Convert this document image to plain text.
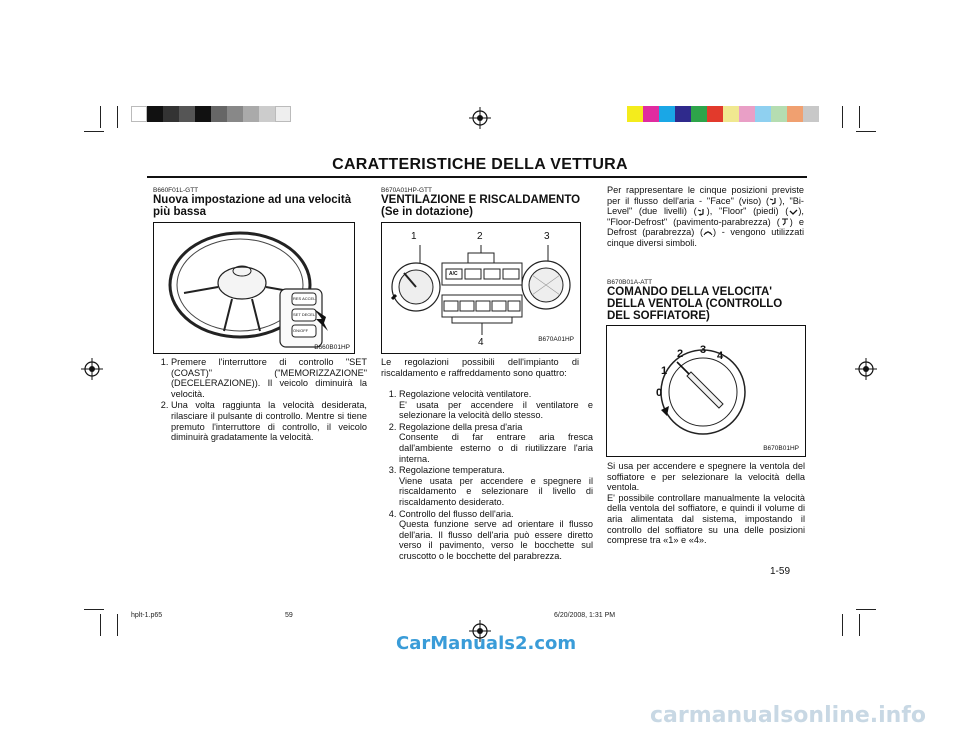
CARATTERISTICHE DELLA VETTURA
B660F01L-GTT
Nuova impostazione ad una velocità più bassa
RES ACCEL
SET DECEL
ON/OFF
B660B01HP
1. Premere l'interruttore di controllo "SET (COAST)" ("MEMORIZZAZIONE" (DECELERAZIONE)). Il veicolo diminuirà la velocità.
2. Una volta raggiunta la velocità desiderata, rilasciare il pulsante di controllo. Mentre si tiene premuto l'interruttore di controllo, il veicolo diminuirà gradatamente la velocità.
B670A01HP-GTT
VENTILAZIONE E RISCALDAMENTO (Se in dotazione)
1	2	3
4
A/C
B670A01HP
Le regolazioni possibili dell'impianto di riscaldamento e raffreddamento sono quattro:
1. Regolazione velocità ventilatore.
E' usata per accendere il ventilatore e selezionare la velocità dello stesso.
2. Regolazione della presa d'aria
Consente di far entrare aria fresca dall'ambiente esterno o di riutilizzare l'aria interna.
3. Regolazione temperatura.
Viene usata per accendere e spegnere il riscaldamento e selezionare il livello di riscaldamento desiderato.
4. Controllo del flusso dell'aria.
Questa funzione serve ad orientare il flusso dell'aria. Il flusso dell'aria può essere diretto verso il pavimento, verso le bocchette sul cruscotto o le bocchette del parabrezza.
Per rappresentare le cinque posizioni previste per il flusso dell'aria - "Face" (viso) ( ), "Bi-Level" (due livelli) ( ), "Floor" (piedi) ( ), "Floor-Defrost" (pavimento-parabrezza) ( ) e Defrost (parabrezza) ( ) - vengono utilizzati cinque diversi simboli.
B670B01A-ATT
COMANDO DELLA VELOCITA' DELLA VENTOLA (CONTROLLO DEL SOFFIATORE)
0
1
2 3 4
B670B01HP
Si usa per accendere e spegnere la ventola del soffiatore e per selezionare la velocità della ventola.
E' possibile controllare manualmente la velocità della ventola del soffiatore, e quindi il volume di aria alimentata dal sistema, impostando il controllo del soffiatore su una delle posizioni comprese tra «1» e «4».
1-59
hplt-1.p65	59	6/20/2008, 1:31 PM
CarManuals2.com
carmanualsonline.info
